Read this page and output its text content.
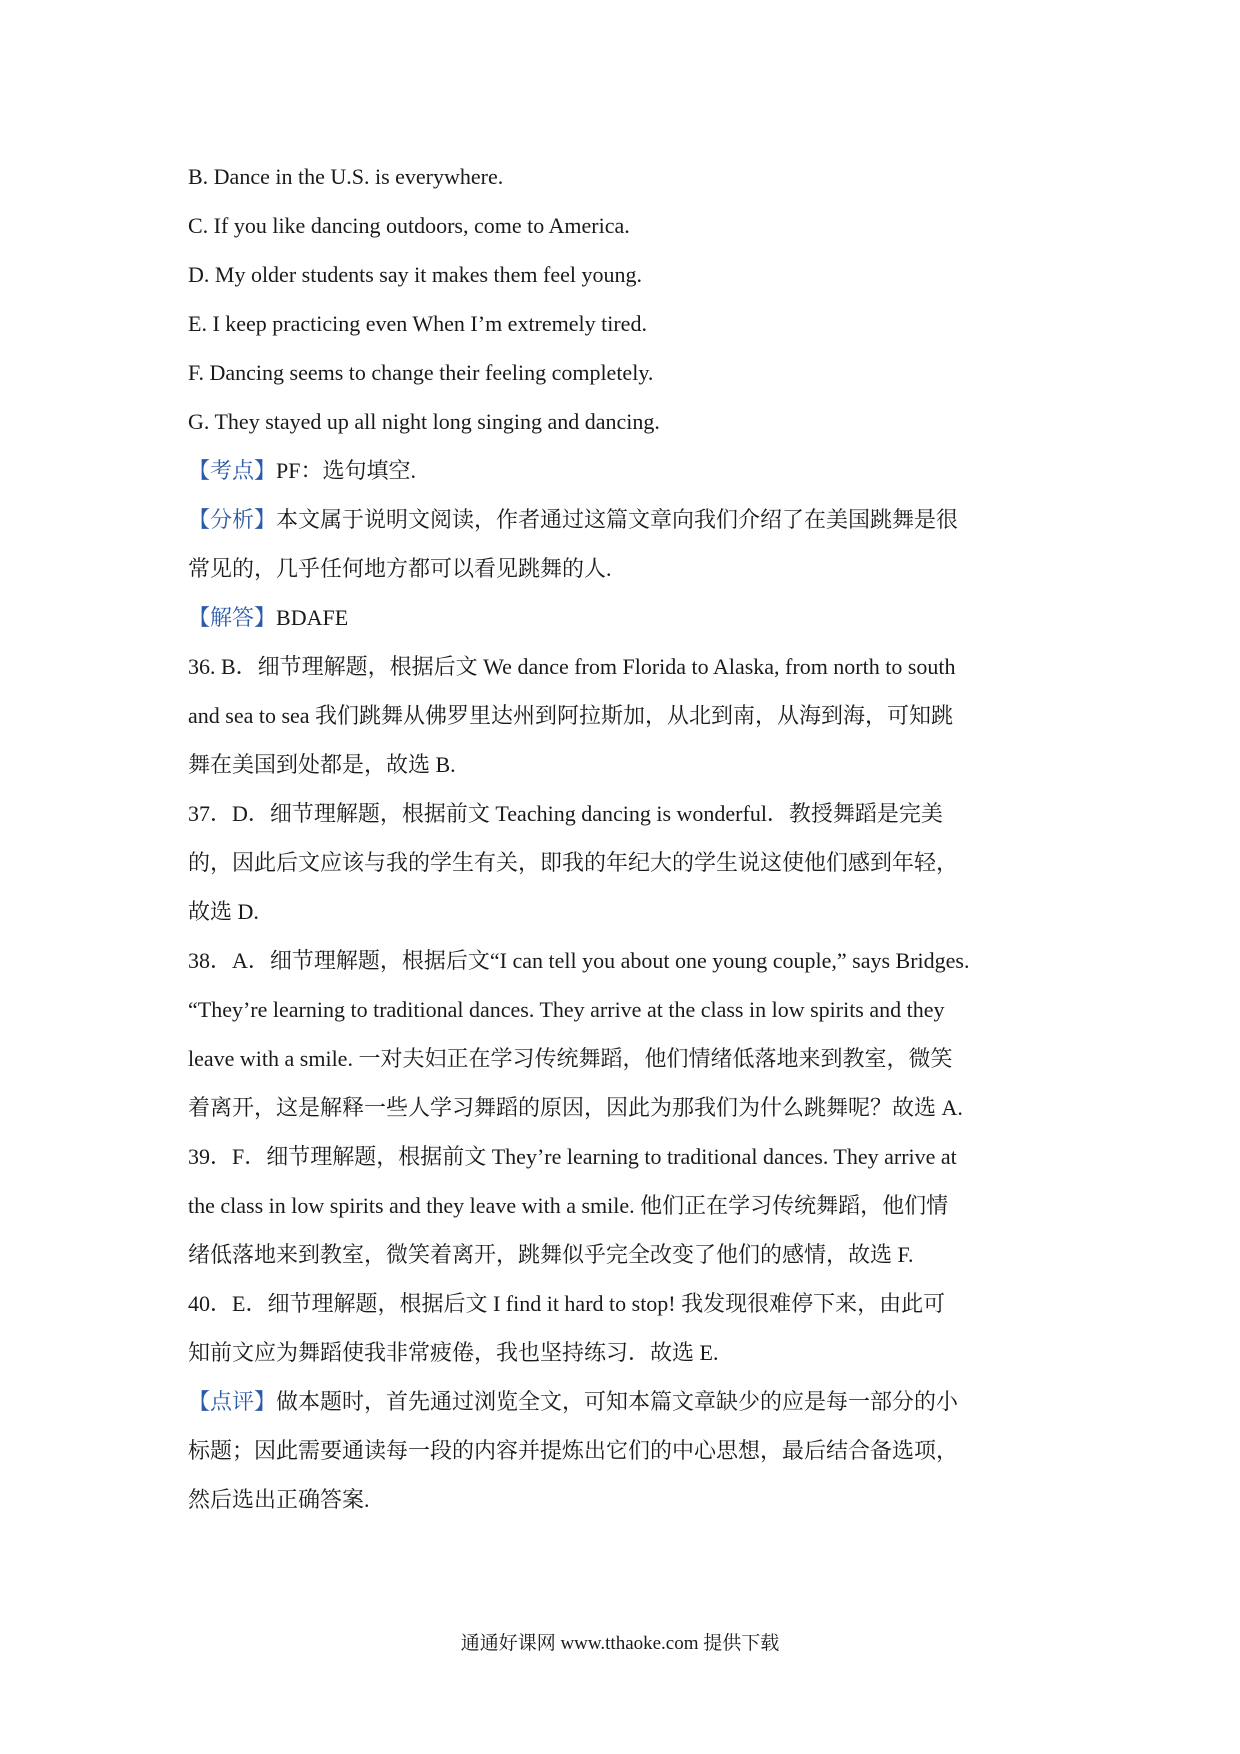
B. Dance in the U.S. is everywhere.
C. If you like dancing outdoors, come to America.
D. My older students say it makes them feel young.
E. I keep practicing even When I’m extremely tired.
F. Dancing seems to change their feeling completely.
G. They stayed up all night long singing and dancing.
【考点】PF：选句填空.
【分析】本文属于说明文阅读，作者通过这篇文章向我们介绍了在美国跳舞是很
常见的，几乎任何地方都可以看见跳舞的人.
【解答】BDAFE
36. B．细节理解题，根据后文 We dance from Florida to Alaska, from north to south
and sea to sea 我们跳舞从佛罗里达州到阿拉斯加，从北到南，从海到海，可知跳
舞在美国到处都是，故选 B.
37．D．细节理解题，根据前文 Teaching dancing is wonderful．教授舞蹈是完美
的，因此后文应该与我的学生有关，即我的年纪大的学生说这使他们感到年轻，
故选 D.
38．A．细节理解题，根据后文“I can tell you about one young couple,” says Bridges.
“They’re learning to traditional dances. They arrive at the class in low spirits and they
leave with a smile. 一对夫妇正在学习传统舞蹈，他们情绪低落地来到教室，微笑
着离开，这是解释一些人学习舞蹈的原因，因此为那我们为什么跳舞呢？故选 A.
39．F．细节理解题，根据前文 They’re learning to traditional dances. They arrive at
the class in low spirits and they leave with a smile. 他们正在学习传统舞蹈，他们情
绪低落地来到教室，微笑着离开，跳舞似乎完全改变了他们的感情，故选 F.
40．E．细节理解题，根据后文 I find it hard to stop! 我发现很难停下来，由此可
知前文应为舞蹈使我非常疲倦，我也坚持练习．故选 E.
【点评】做本题时，首先通过浏览全文，可知本篇文章缺少的应是每一部分的小
标题；因此需要通读每一段的内容并提炼出它们的中心思想，最后结合备选项，
然后选出正确答案.
通通好课网 www.tthaoke.com 提供下载
